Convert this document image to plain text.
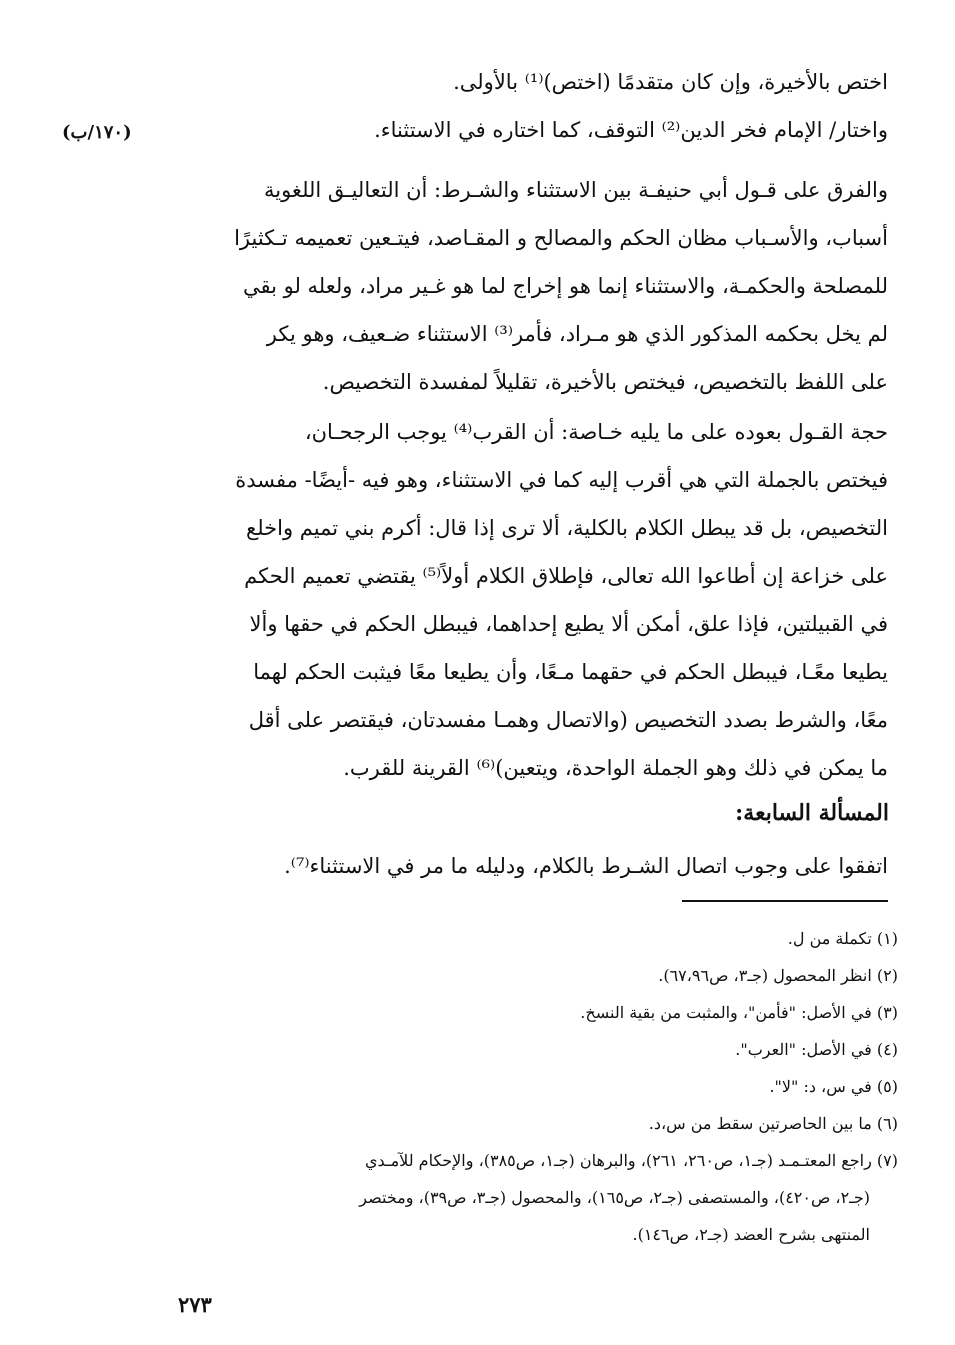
(١٧٠/ب)
اختص بالأخيرة، وإن كان متقدمًا (اختص)⁽¹⁾ بالأولى.
واختار/ الإمام فخر الدين⁽²⁾ التوقف، كما اختاره في الاستثناء.
والفرق على قـول أبي حنيفـة بين الاستثناء والشـرط: أن التعاليـق اللغوية
أسباب، والأسـباب مظان الحكم والمصالح و المقـاصد، فيتـعين تعميمه تـكثيرًا
للمصلحة والحكمـة، والاستثناء إنما هو إخراج لما هو غـير مراد، ولعله لو بقي
لم يخل بحكمه المذكور الذي هو مـراد، فأمر⁽³⁾ الاستثناء ضـعيف، وهو يكر
على اللفظ بالتخصيص، فيختص بالأخيرة، تقليلاً لمفسدة التخصيص.
حجة القـول بعوده على ما يليه خـاصة: أن القرب⁽⁴⁾ يوجب الرجحـان،
فيختص بالجملة التي هي أقرب إليه كما في الاستثناء، وهو فيه -أيضًا- مفسدة
التخصيص، بل قد يبطل الكلام بالكلية، ألا ترى إذا قال: أكرم بني تميم واخلع
على خزاعة إن أطاعوا الله تعالى، فإطلاق الكلام أولاً⁽⁵⁾ يقتضي تعميم الحكم
في القبيلتين، فإذا علق، أمكن ألا يطيع إحداهما، فيبطل الحكم في حقها وألا
يطيعا معًـا، فيبطل الحكم في حقهما مـعًا، وأن يطيعا معًا فيثبت الحكم لهما
معًا، والشرط بصدد التخصيص (والاتصال وهمـا مفسدتان، فيقتصر على أقل
ما يمكن في ذلك وهو الجملة الواحدة، ويتعين)⁽⁶⁾ القرينة للقرب.
المسألة السابعة:
اتفقوا على وجوب اتصال الشـرط بالكلام، ودليله ما مر في الاستثناء⁽⁷⁾.
(١) تكملة من ل.
(٢) انظر المحصول (جـ٣، ص٦٧،٩٦).
(٣) في الأصل: "فأمن"، والمثبت من بقية النسخ.
(٤) في الأصل: "العرب".
(٥) في س، د: "لا".
(٦) ما بين الحاصرتين سقط من س،د.
(٧) راجع المعتـمـد (جـ١، ص٢٦٠، ٢٦١)، والبرهان (جـ١، ص٣٨٥)، والإحكام للآمـدي
(جـ٢، ص٤٢٠)، والمستصفى (جـ٢، ص١٦٥)، والمحصول (جـ٣، ص٣٩)، ومختصر
المنتهى بشرح العضد (جـ٢، ص١٤٦).
٢٧٣
